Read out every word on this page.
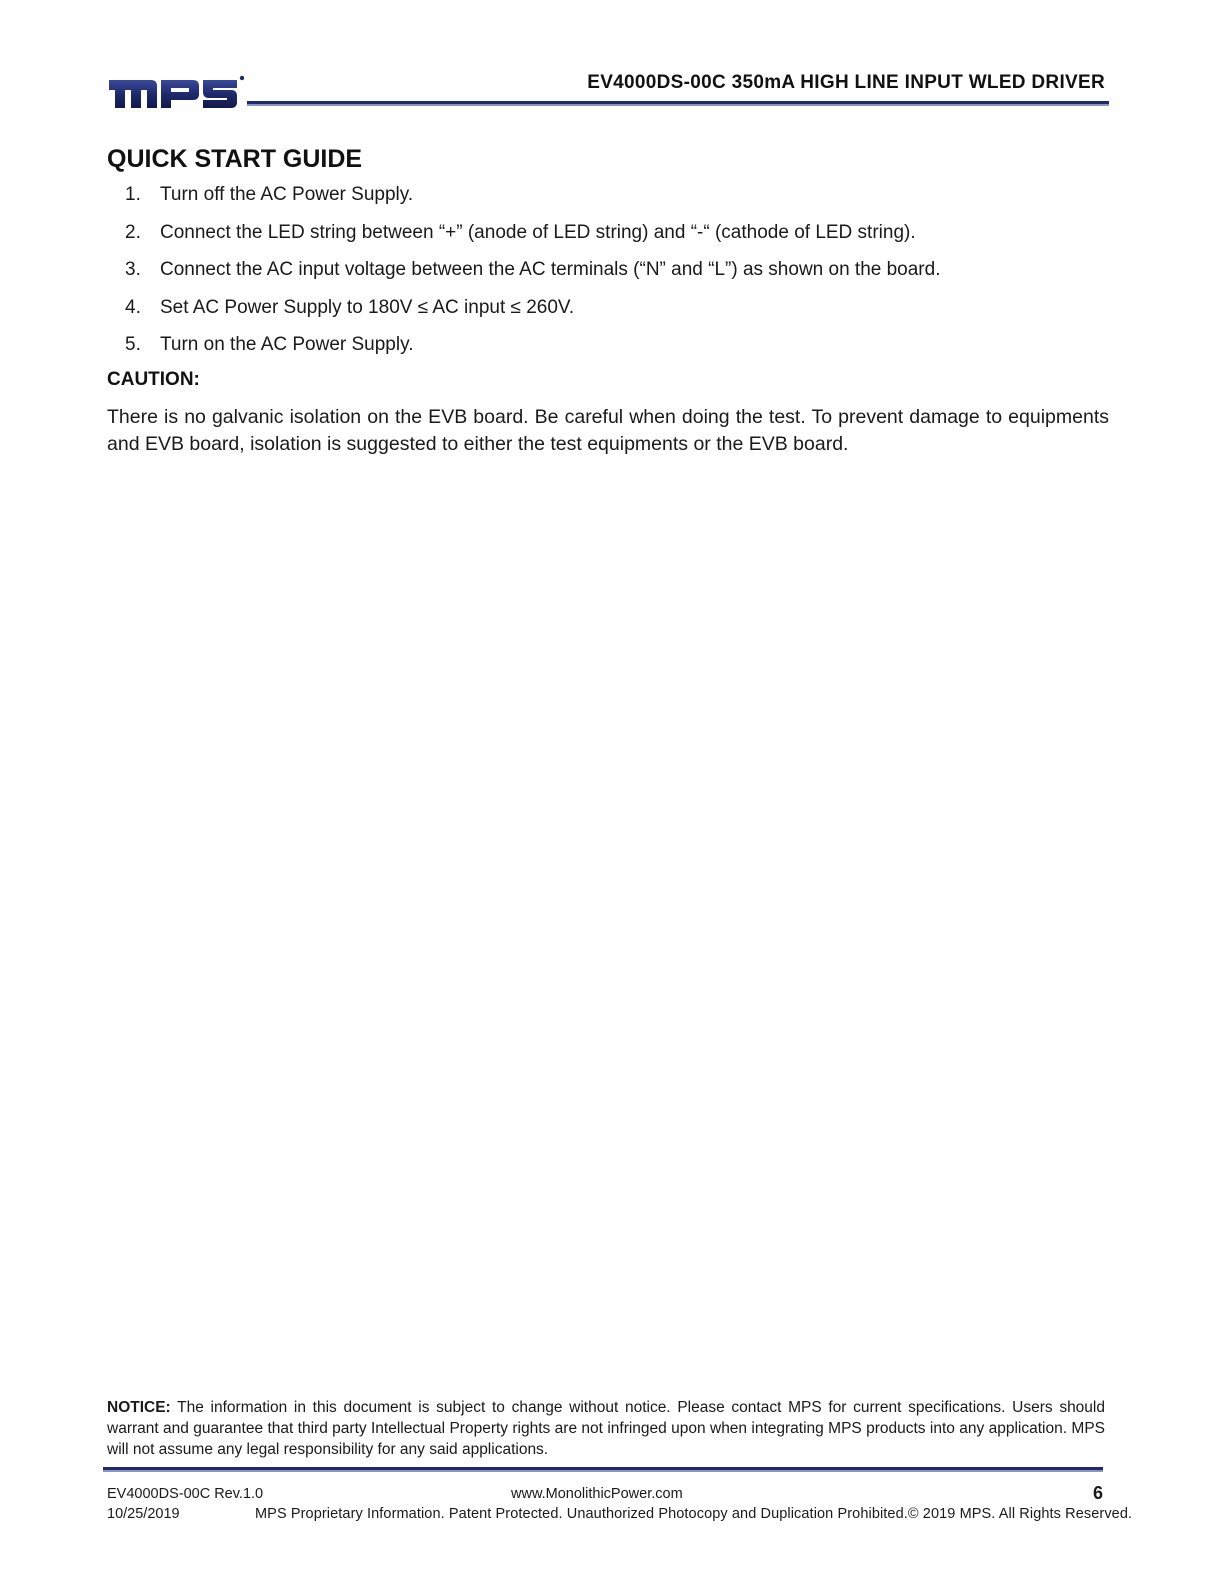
EV4000DS-00C 350mA HIGH LINE INPUT WLED DRIVER
QUICK START GUIDE
1.	Turn off the AC Power Supply.
2.	Connect the LED string between “+” (anode of LED string) and “-“ (cathode of LED string).
3.	Connect the AC input voltage between the AC terminals (“N” and “L”) as shown on the board.
4.	Set AC Power Supply to 180V ≤ AC input ≤ 260V.
5.	Turn on the AC Power Supply.
CAUTION:

There is no galvanic isolation on the EVB board. Be careful when doing the test. To prevent damage to equipments and EVB board, isolation is suggested to either the test equipments or the EVB board.

NOTICE: The information in this document is subject to change without notice. Please contact MPS for current specifications. Users should warrant and guarantee that third party Intellectual Property rights are not infringed upon when integrating MPS products into any application. MPS will not assume any legal responsibility for any said applications.

EV4000DS-00C Rev.1.0	www.MonolithicPower.com	6
10/25/2019	MPS Proprietary Information. Patent Protected. Unauthorized Photocopy and Duplication Prohibited.© 2019 MPS. All Rights Reserved.
